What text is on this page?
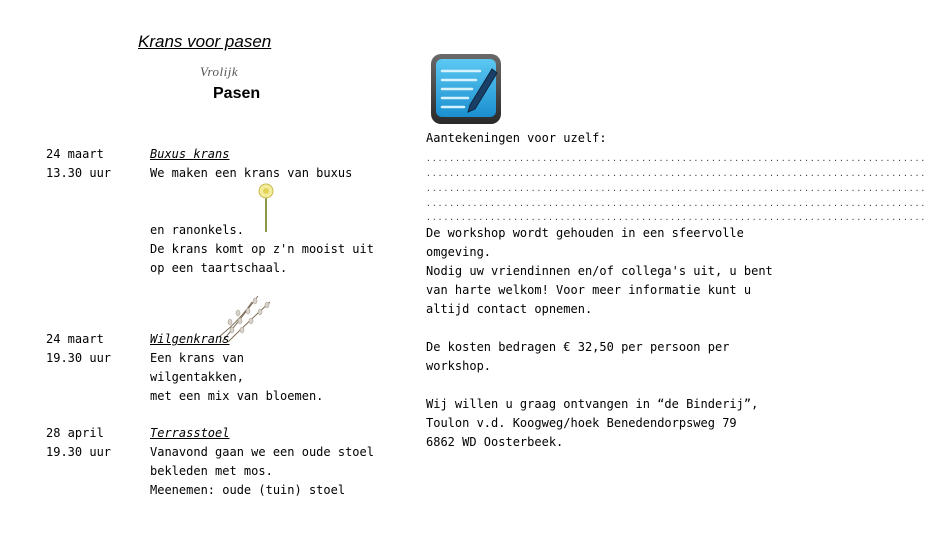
Krans voor pasen
Vrolijk
Pasen
24 maart
13.30 uur
Buxus krans
We maken een krans van buxus
en ranonkels.
De krans komt op z'n mooist uit
op een taartschaal.
24 maart
19.30 uur
Wilgenkrans
Een krans van
wilgentakken,
met een mix van bloemen.
28 april
19.30 uur
Terrasstoel
Vanavond gaan we een oude stoel
bekleden met mos.
Meenemen: oude (tuin) stoel
Aantekeningen voor uzelf:
......................................................................................
......................................................................................
......................................................................................
......................................................................................
......................................................................................
De workshop wordt gehouden in een sfeervolle
omgeving.
Nodig uw vriendinnen en/of collega's uit, u bent
van harte welkom! Voor meer informatie kunt u
altijd contact opnemen.
De kosten bedragen € 32,50 per persoon per
workshop.
Wij willen u graag ontvangen in “de Binderij”,
Toulon v.d. Koogweg/hoek Benedendorpsweg 79
6862 WD Oosterbeek.
